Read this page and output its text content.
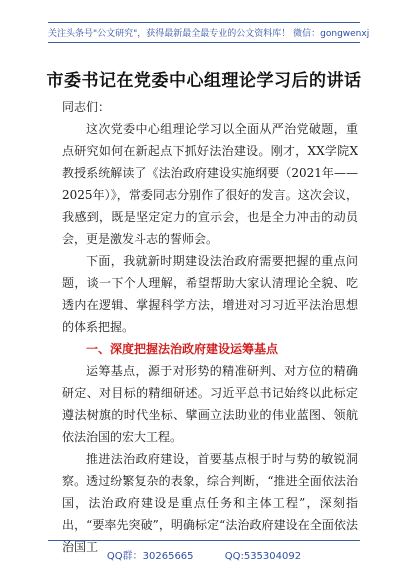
关注头条号"公文研究"，获得最新最全最专业的公文资料库！ 微信：gongwenxj
市委书记在党委中心组理论学习后的讲话

同志们：

这次党委中心组理论学习以全面从严治党破题，重点研究如何在新起点下抓好法治建设。刚才，XX学院X教授系统解读了《法治政府建设实施纲要（2021年——2025年）》，常委同志分别作了很好的发言。这次会议，我感到，既是坚定定力的宣示会，也是全力冲击的动员会，更是激发斗志的誓师会。

下面，我就新时期建设法治政府需要把握的重点问题，谈一下个人理解，希望帮助大家认清理论全貌、吃透内在逻辑、掌握科学方法，增进对习习近平法治思想的体系把握。

一、深度把握法治政府建设运筹基点

运筹基点，源于对形势的精准研判、对方位的精确研定、对目标的精细研述。习近平总书记始终以此标定遵法树旗的时代坐标、擘画立法助业的伟业蓝图、领航依法治国的宏大工程。

推进法治政府建设，首要基点根于时与势的敏锐洞察。透过纷繁复杂的表象，综合判断，“推进全面依法治国，法治政府建设是重点任务和主体工程”，深刻指出，“要率先突破”，明确标定“法治政府建设在全面依法治国工

QQ群：30265665	QQ:535304092
